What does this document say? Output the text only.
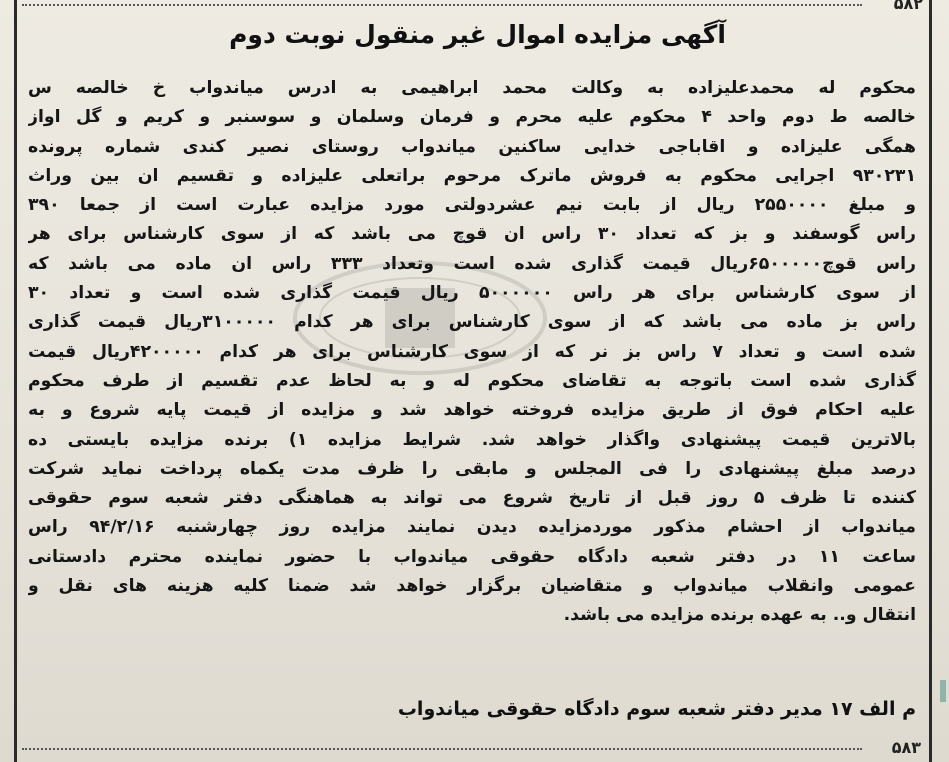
۵۸۲
آگهی مزایده اموال غیر منقول نوبت دوم
محکوم له محمدعلیزاده به وکالت محمد ابراهیمی به ادرس میاندواب خ خالصه س
خالصه ط دوم واحد ۴ محکوم علیه محرم و فرمان وسلمان و سوسنبر و کریم و گل اواز
همگی علیزاده و اقاباجی خدایی ساکنین میاندواب روستای نصیر کندی شماره پرونده
۹۳۰۲۳۱ اجرایی محکوم به فروش ماترک مرحوم براتعلی علیزاده و تقسیم ان بین وراث
و مبلغ ۲۵۵۰۰۰۰ ریال از بابت نیم عشردولتی مورد مزایده عبارت است از جمعا ۳۹۰
راس گوسفند و بز که تعداد ۳۰ راس ان قوچ می باشد که از سوی کارشناس برای هر
راس قوچ۶۵۰۰۰۰۰ریال قیمت گذاری شده است وتعداد ۳۳۳ راس ان ماده می باشد که
از سوی کارشناس برای هر راس ۵۰۰۰۰۰۰ ریال قیمت گذاری شده است و تعداد ۳۰
راس بز ماده می باشد که از سوی کارشناس برای هر کدام ۳۱۰۰۰۰۰ریال قیمت گذاری
شده است و تعداد ۷ راس بز نر که از سوی کارشناس برای هر کدام ۴۲۰۰۰۰۰ریال قیمت
گذاری شده است باتوجه به تقاضای محکوم له و به لحاظ عدم تقسیم از طرف محکوم
علیه احکام فوق از طریق مزایده فروخته خواهد شد و مزایده از قیمت پایه شروع و به
بالاترین قیمت پیشنهادی واگذار خواهد شد. شرایط مزایده ۱) برنده مزایده بایستی ده
درصد مبلغ پیشنهادی را فی المجلس و مابقی را ظرف مدت یکماه پرداخت نماید شرکت
کننده تا ظرف ۵ روز قبل از تاریخ شروع می تواند به هماهنگی دفتر شعبه سوم حقوقی
میاندواب از احشام مذکور موردمزایده دیدن نمایند مزایده روز چهارشنبه ۹۴/۲/۱۶ راس
ساعت ۱۱ در دفتر شعبه دادگاه حقوقی میاندواب با حضور نماینده محترم دادستانی
عمومی وانقلاب میاندواب و متقاضیان برگزار خواهد شد ضمنا کلیه هزینه های نقل و
انتقال و.. به عهده برنده مزایده می باشد.
م الف ۱۷ مدیر دفتر شعبه سوم دادگاه حقوقی میاندواب
۵۸۳
